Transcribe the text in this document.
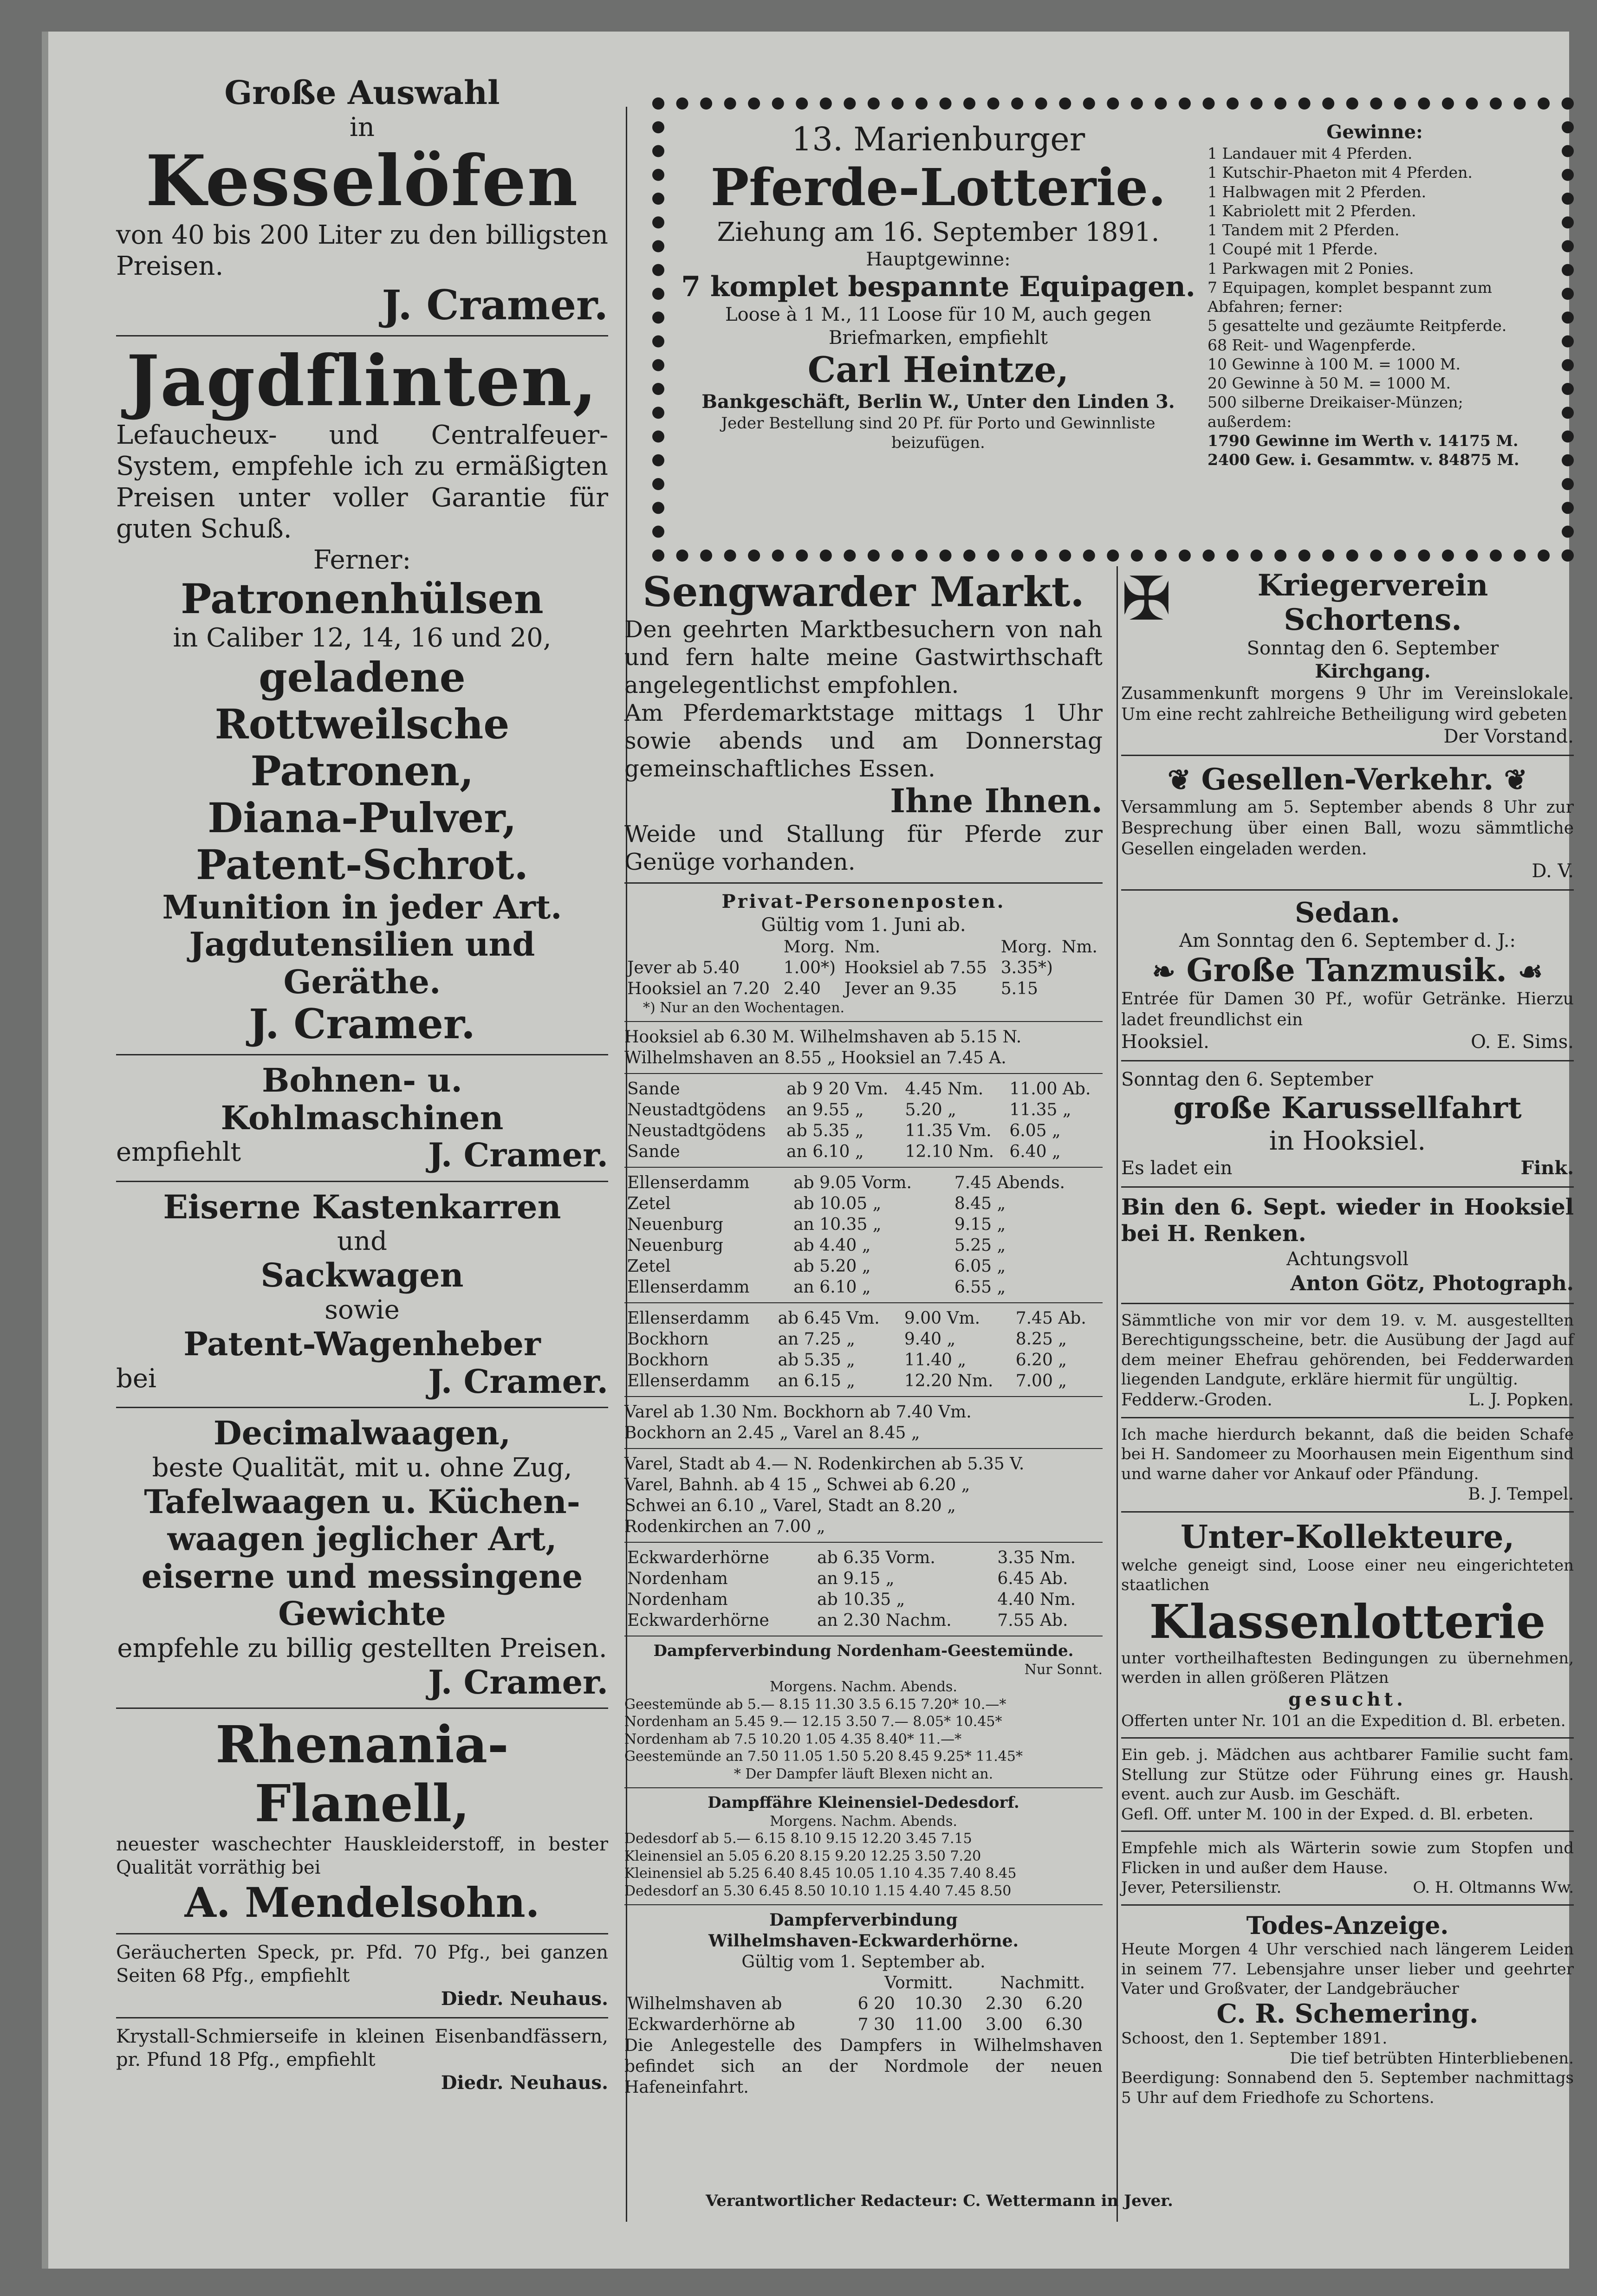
Große Auswahl

in

Kesselöfen

von 40 bis 200 Liter zu den billigsten Preisen.

J. Cramer.

Jagdflinten,

Lefaucheux- und Centralfeuer-System, empfehle ich zu ermäßigten Preisen unter voller Garantie für guten Schuß.

Ferner:

Patronenhülsen

in Caliber 12, 14, 16 und 20,

geladene Rottweilsche

Patronen,

Diana-Pulver,

Patent-Schrot.

Munition in jeder Art.

Jagdutensilien und Geräthe.

J. Cramer.

Bohnen- u. Kohlmaschinen

empfiehlt	J. Cramer.

Eiserne Kastenkarren

und

Sackwagen

sowie

Patent-Wagenheber

bei	J. Cramer.

Decimalwaagen,

beste Qualität, mit u. ohne Zug,

Tafelwaagen u. Küchen-

waagen jeglicher Art,

eiserne und messingene

Gewichte

empfehle zu billig gestellten Preisen.

J. Cramer.

Rhenania-Flanell,

neuester waschechter Hauskleiderstoff, in bester Qualität vorräthig bei

A. Mendelsohn.

Geräucherten Speck, pr. Pfd. 70 Pfg., bei ganzen Seiten 68 Pfg., empfiehlt

Diedr. Neuhaus.

Krystall-Schmierseife in kleinen Eisenbandfässern, pr. Pfund 18 Pfg., empfiehlt

Diedr. Neuhaus.

13. Marienburger

Pferde-Lotterie.

Ziehung am 16. September 1891.

Hauptgewinne:

7 komplet bespannte Equipagen.

Loose à 1 M., 11 Loose für 10 M, auch gegen Briefmarken, empfiehlt

Carl Heintze,

Bankgeschäft, Berlin W., Unter den Linden 3.

Jeder Bestellung sind 20 Pf. für Porto und Gewinnliste beizufügen.

Gewinne:

1 Landauer mit 4 Pferden.

1 Kutschir-Phaeton mit 4 Pferden.

1 Halbwagen mit 2 Pferden.

1 Kabriolett mit 2 Pferden.

1 Tandem mit 2 Pferden.

1 Coupé mit 1 Pferde.

1 Parkwagen mit 2 Ponies.

7 Equipagen, komplet bespannt zum Abfahren; ferner:

5 gesattelte und gezäumte Reitpferde.

68 Reit- und Wagenpferde.

10 Gewinne à 100 M. = 1000 M.

20 Gewinne à 50 M. = 1000 M.

500 silberne Dreikaiser-Münzen; außerdem:

1790 Gewinne im Werth v. 14175 M.

2400 Gew. i. Gesammtw. v. 84875 M.

Sengwarder Markt.

Den geehrten Marktbesuchern von nah und fern halte meine Gastwirthschaft angelegentlichst empfohlen.

Am Pferdemarktstage mittags 1 Uhr sowie abends und am Donnerstag gemeinschaftliches Essen.

Ihne Ihnen.

Weide und Stallung für Pferde zur Genüge vorhanden.

Privat-Personenposten.

Gültig vom 1. Juni ab.

	Morg.	Nm.	Morg.	Nm.
Jever ab 5.40	1.00*)	Hooksiel ab 7.55	3.35*)	
Hooksiel an 7.20	2.40	Jever an 9.35	5.15	

*) Nur an den Wochentagen.

Hooksiel ab 6.30 M. Wilhelmshaven ab 5.15 N.

Wilhelmshaven an 8.55 „ Hooksiel an 7.45 A.

Sande	ab 9 20 Vm.	4.45 Nm.	11.00 Ab.
Neustadtgödens	an 9.55 „	5.20 „	11.35 „
Neustadtgödens	ab 5.35 „	11.35 Vm.	6.05 „
Sande	an 6.10 „	12.10 Nm.	6.40 „
Ellenserdamm	ab 9.05 Vorm.	7.45 Abends.
Zetel	ab 10.05 „	8.45 „
Neuenburg	an 10.35 „	9.15 „
Neuenburg	ab 4.40 „	5.25 „
Zetel	ab 5.20 „	6.05 „
Ellenserdamm	an 6.10 „	6.55 „
Ellenserdamm	ab 6.45 Vm.	9.00 Vm.	7.45 Ab.
Bockhorn	an 7.25 „	9.40 „	8.25 „
Bockhorn	ab 5.35 „	11.40 „	6.20 „
Ellenserdamm	an 6.15 „	12.20 Nm.	7.00 „

Varel ab 1.30 Nm. Bockhorn ab 7.40 Vm.

Bockhorn an 2.45 „ Varel an 8.45 „

Varel, Stadt ab 4.— N. Rodenkirchen ab 5.35 V.

Varel, Bahnh. ab 4 15 „ Schwei ab 6.20 „

Schwei an 6.10 „ Varel, Stadt an 8.20 „

Rodenkirchen an 7.00 „

Eckwarderhörne	ab 6.35 Vorm.	3.35 Nm.
Nordenham	an 9.15 „	6.45 Ab.
Nordenham	ab 10.35 „	4.40 Nm.
Eckwarderhörne	an 2.30 Nachm.	7.55 Ab.

Dampferverbindung Nordenham-Geestemünde.

Nur Sonnt.

Morgens. Nachm. Abends.

Geestemünde ab 5.— 8.15 11.30 3.5 6.15 7.20* 10.—*

Nordenham an 5.45 9.— 12.15 3.50 7.— 8.05* 10.45*

Nordenham ab 7.5 10.20 1.05 4.35 8.40* 11.—*

Geestemünde an 7.50 11.05 1.50 5.20 8.45 9.25* 11.45*

* Der Dampfer läuft Blexen nicht an.

Dampffähre Kleinensiel-Dedesdorf.

Morgens. Nachm. Abends.

Dedesdorf ab 5.— 6.15 8.10 9.15 12.20 3.45 7.15

Kleinensiel an 5.05 6.20 8.15 9.20 12.25 3.50 7.20

Kleinensiel ab 5.25 6.40 8.45 10.05 1.10 4.35 7.40 8.45

Dedesdorf an 5.30 6.45 8.50 10.10 1.15 4.40 7.45 8.50

Dampferverbindung

Wilhelmshaven-Eckwarderhörne.

Gültig vom 1. September ab.

	Vormitt.		Nachmitt.	
Wilhelmshaven ab	6 20	10.30	2.30	6.20
Eckwarderhörne ab	7 30	11.00	3.00	6.30

Die Anlegestelle des Dampfers in Wilhelmshaven befindet sich an der Nordmole der neuen Hafeneinfahrt.

✠	Kriegerverein Schortens.

Sonntag den 6. September

Kirchgang.

Zusammenkunft morgens 9 Uhr im Vereinslokale. Um eine recht zahlreiche Betheiligung wird gebeten

Der Vorstand.

❦ Gesellen-Verkehr. ❦

Versammlung am 5. September abends 8 Uhr zur Besprechung über einen Ball, wozu sämmtliche Gesellen eingeladen werden.

D. V.

Sedan.

Am Sonntag den 6. September d. J.:

❧ Große Tanzmusik. ☙

Entrée für Damen 30 Pf., wofür Getränke. Hierzu ladet freundlichst ein

Hooksiel.	O. E. Sims.

Sonntag den 6. September

große Karussellfahrt

in Hooksiel.

Es ladet ein	Fink.

Bin den 6. Sept. wieder in Hooksiel bei H. Renken.

Achtungsvoll

Anton Götz, Photograph.

Sämmtliche von mir vor dem 19. v. M. ausgestellten Berechtigungsscheine, betr. die Ausübung der Jagd auf dem meiner Ehefrau gehörenden, bei Fedderwarden liegenden Landgute, erkläre hiermit für ungültig.

Fedderw.-Groden.	L. J. Popken.

Ich mache hierdurch bekannt, daß die beiden Schafe bei H. Sandomeer zu Moorhausen mein Eigenthum sind und warne daher vor Ankauf oder Pfändung.

B. J. Tempel.

Unter-Kollekteure,

welche geneigt sind, Loose einer neu eingerichteten staatlichen

Klassenlotterie

unter vortheilhaftesten Bedingungen zu übernehmen, werden in allen größeren Plätzen

gesucht.

Offerten unter Nr. 101 an die Expedition d. Bl. erbeten.

Ein geb. j. Mädchen aus achtbarer Familie sucht fam. Stellung zur Stütze oder Führung eines gr. Haush. event. auch zur Ausb. im Geschäft.

Gefl. Off. unter M. 100 in der Exped. d. Bl. erbeten.

Empfehle mich als Wärterin sowie zum Stopfen und Flicken in und außer dem Hause.

Jever, Petersilienstr.	O. H. Oltmanns Ww.

Todes-Anzeige.

Heute Morgen 4 Uhr verschied nach längerem Leiden in seinem 77. Lebensjahre unser lieber und geehrter Vater und Großvater, der Landgebräucher

C. R. Schemering.

Schoost, den 1. September 1891.

Die tief betrübten Hinterbliebenen.

Beerdigung: Sonnabend den 5. September nachmittags 5 Uhr auf dem Friedhofe zu Schortens.

Verantwortlicher Redacteur: C. Wettermann in Jever.
